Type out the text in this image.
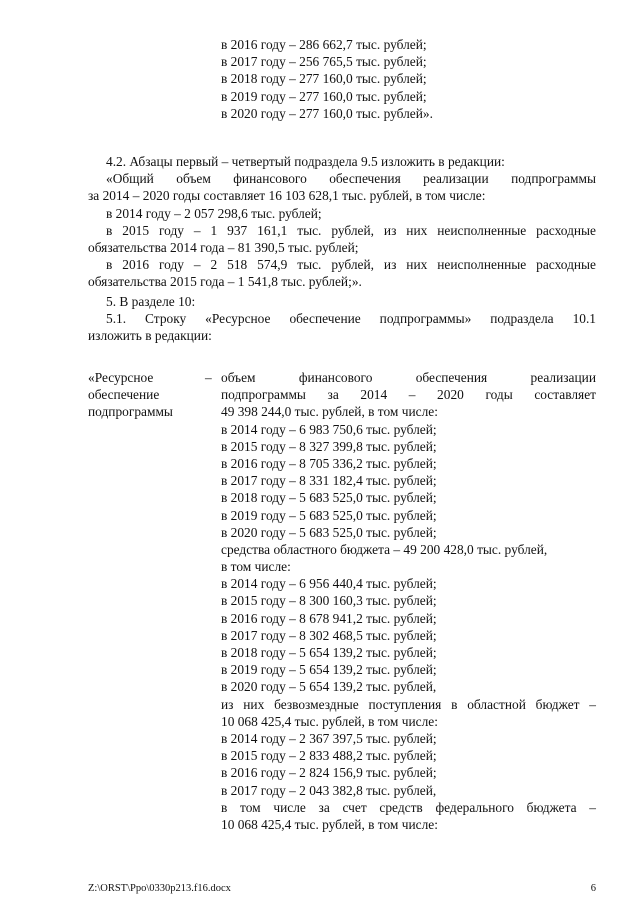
в 2016 году – 286 662,7 тыс. рублей;
в 2017 году – 256 765,5 тыс. рублей;
в 2018 году – 277 160,0 тыс. рублей;
в 2019 году – 277 160,0 тыс. рублей;
в 2020 году – 277 160,0 тыс. рублей».
4.2. Абзацы первый – четвертый подраздела 9.5 изложить в редакции:
«Общий объем финансового обеспечения реализации подпрограммы
за 2014 – 2020 годы составляет 16 103 628,1 тыс. рублей, в том числе:
в 2014 году – 2 057 298,6 тыс. рублей;
в 2015 году – 1 937 161,1 тыс. рублей, из них неисполненные расходные
обязательства 2014 года – 81 390,5 тыс. рублей;
в 2016 году – 2 518 574,9 тыс. рублей, из них неисполненные расходные
обязательства 2015 года – 1 541,8 тыс. рублей;».
5. В разделе 10:
5.1. Строку «Ресурсное обеспечение подпрограммы» подраздела 10.1
изложить в редакции:
«Ресурсное
обеспечение
подпрограммы
– объем финансового обеспечения реализации
подпрограммы за 2014 – 2020 годы составляет
49 398 244,0 тыс. рублей, в том числе:
в 2014 году – 6 983 750,6 тыс. рублей;
в 2015 году – 8 327 399,8 тыс. рублей;
в 2016 году – 8 705 336,2 тыс. рублей;
в 2017 году – 8 331 182,4 тыс. рублей;
в 2018 году – 5 683 525,0 тыс. рублей;
в 2019 году – 5 683 525,0 тыс. рублей;
в 2020 году – 5 683 525,0 тыс. рублей;
средства областного бюджета – 49 200 428,0 тыс. рублей,
в том числе:
в 2014 году – 6 956 440,4 тыс. рублей;
в 2015 году – 8 300 160,3 тыс. рублей;
в 2016 году – 8 678 941,2 тыс. рублей;
в 2017 году – 8 302 468,5 тыс. рублей;
в 2018 году – 5 654 139,2 тыс. рублей;
в 2019 году – 5 654 139,2 тыс. рублей;
в 2020 году – 5 654 139,2 тыс. рублей,
из них безвозмездные поступления в областной бюджет –
10 068 425,4 тыс. рублей, в том числе:
в 2014 году – 2 367 397,5 тыс. рублей;
в 2015 году – 2 833 488,2 тыс. рублей;
в 2016 году – 2 824 156,9 тыс. рублей;
в 2017 году – 2 043 382,8 тыс. рублей,
в том числе за счет средств федерального бюджета –
10 068 425,4 тыс. рублей, в том числе:
Z:\ORST\Ppo\0330p213.f16.docx	6
